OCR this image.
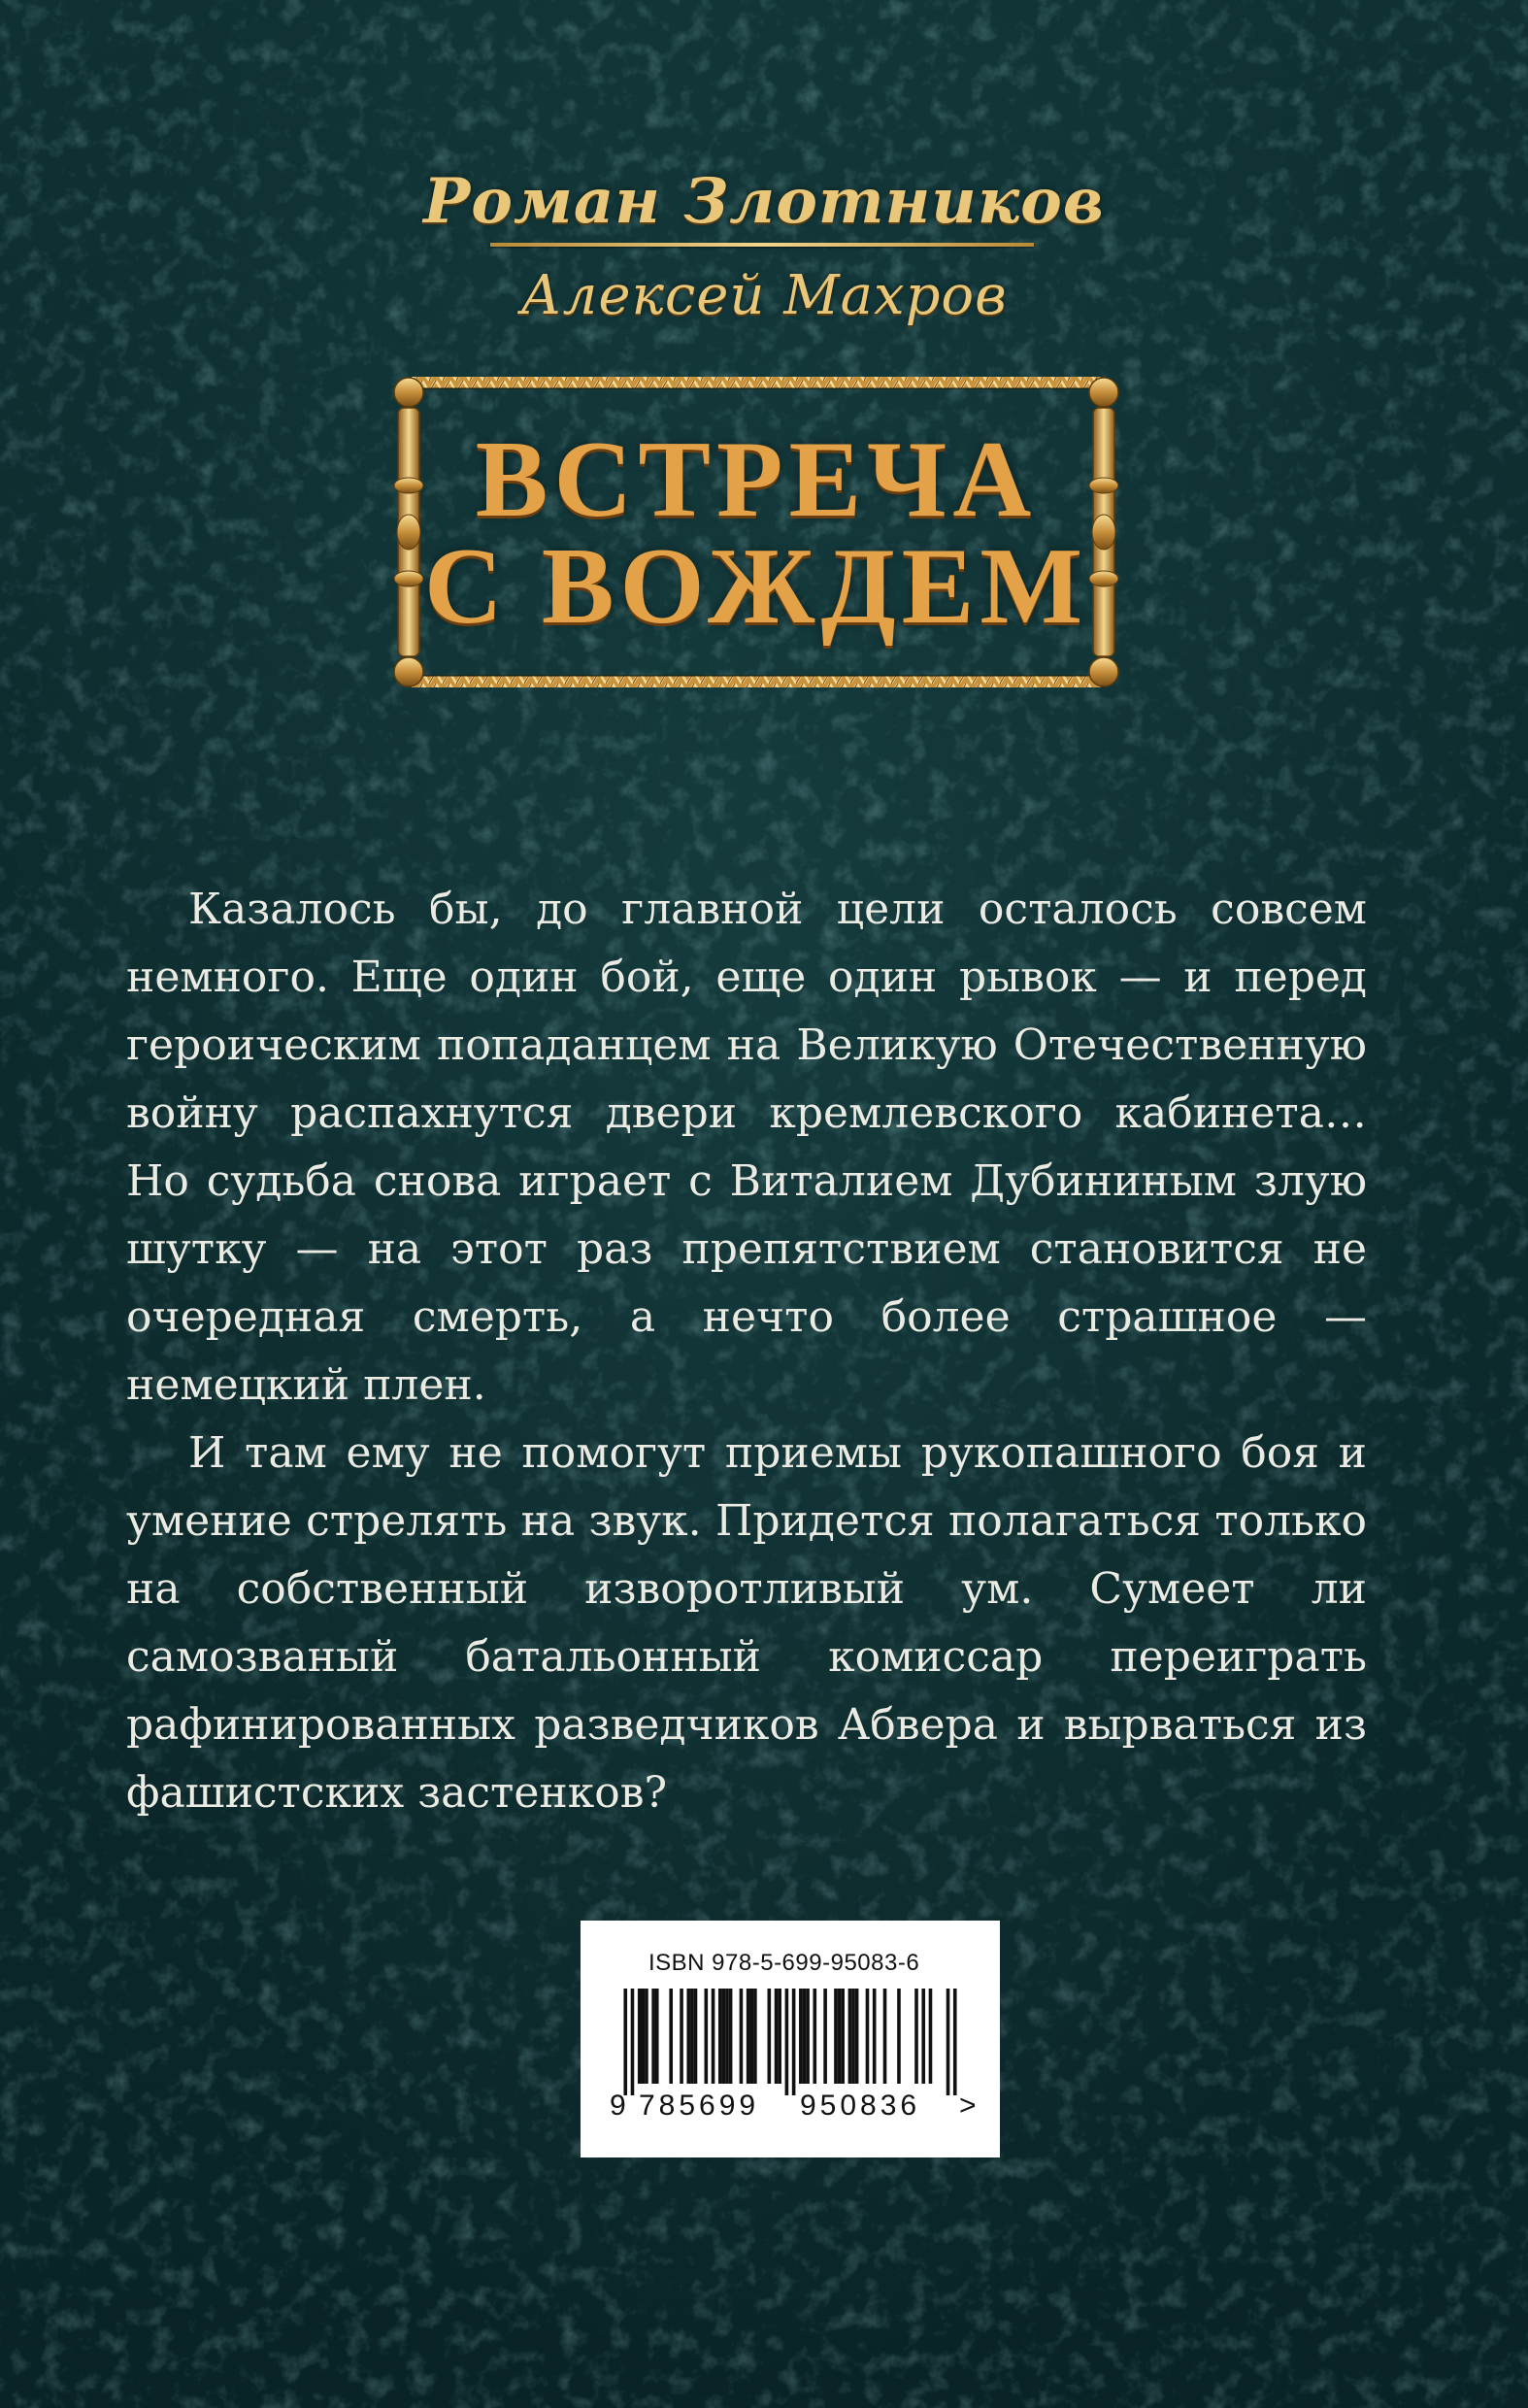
Роман Злотников
Алексей Махров
ВСТРЕЧА
С ВОЖДЕМ

Казалось бы, до главной цели осталось совсем немного. Еще один бой, еще один рывок — и перед героическим попаданцем на Великую Отечественную войну распахнутся двери кремлевского кабинета… Но судьба снова играет с Виталием Дубининым злую шутку — на этот раз препятствием становится не очередная смерть, а нечто более страшное — немецкий плен.

И там ему не помогут приемы рукопашного боя и умение стрелять на звук. Придется полагаться только на собственный изворотливый ум. Сумеет ли самозваный батальонный комиссар переиграть рафинированных разведчиков Абвера и вырваться из фашистских застенков?

ISBN 978-5-699-95083-6
9 785699 950836 >
